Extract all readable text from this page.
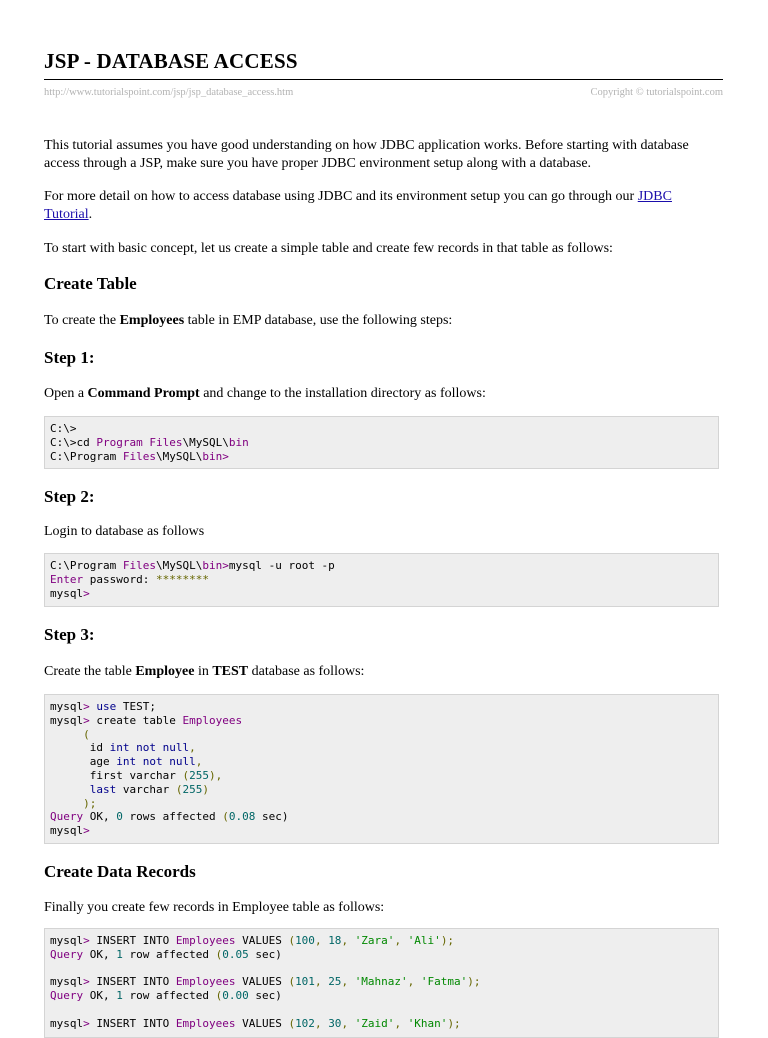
JSP - DATABASE ACCESS
http://www.tutorialspoint.com/jsp/jsp_database_access.htm	Copyright © tutorialspoint.com

This tutorial assumes you have good understanding on how JDBC application works. Before starting with database access through a JSP, make sure you have proper JDBC environment setup along with a database.

For more detail on how to access database using JDBC and its environment setup you can go through our JDBC Tutorial.

To start with basic concept, let us create a simple table and create few records in that table as follows:

Create Table

To create the Employees table in EMP database, use the following steps:

Step 1:

Open a Command Prompt and change to the installation directory as follows:

C:\>
C:\>cd Program Files\MySQL\bin
C:\Program Files\MySQL\bin>
Step 2:

Login to database as follows

C:\Program Files\MySQL\bin>mysql -u root -p
Enter password: ********
mysql>
Step 3:

Create the table Employee in TEST database as follows:

mysql> use TEST;
mysql> create table Employees
(
id int not null,
age int not null,
first varchar (255),
last varchar (255)
);
Query OK, 0 rows affected (0.08 sec)
mysql>
Create Data Records

Finally you create few records in Employee table as follows:

mysql> INSERT INTO Employees VALUES (100, 18, 'Zara', 'Ali');
Query OK, 1 row affected (0.05 sec)
mysql> INSERT INTO Employees VALUES (101, 25, 'Mahnaz', 'Fatma');
Query OK, 1 row affected (0.00 sec)
mysql> INSERT INTO Employees VALUES (102, 30, 'Zaid', 'Khan');
